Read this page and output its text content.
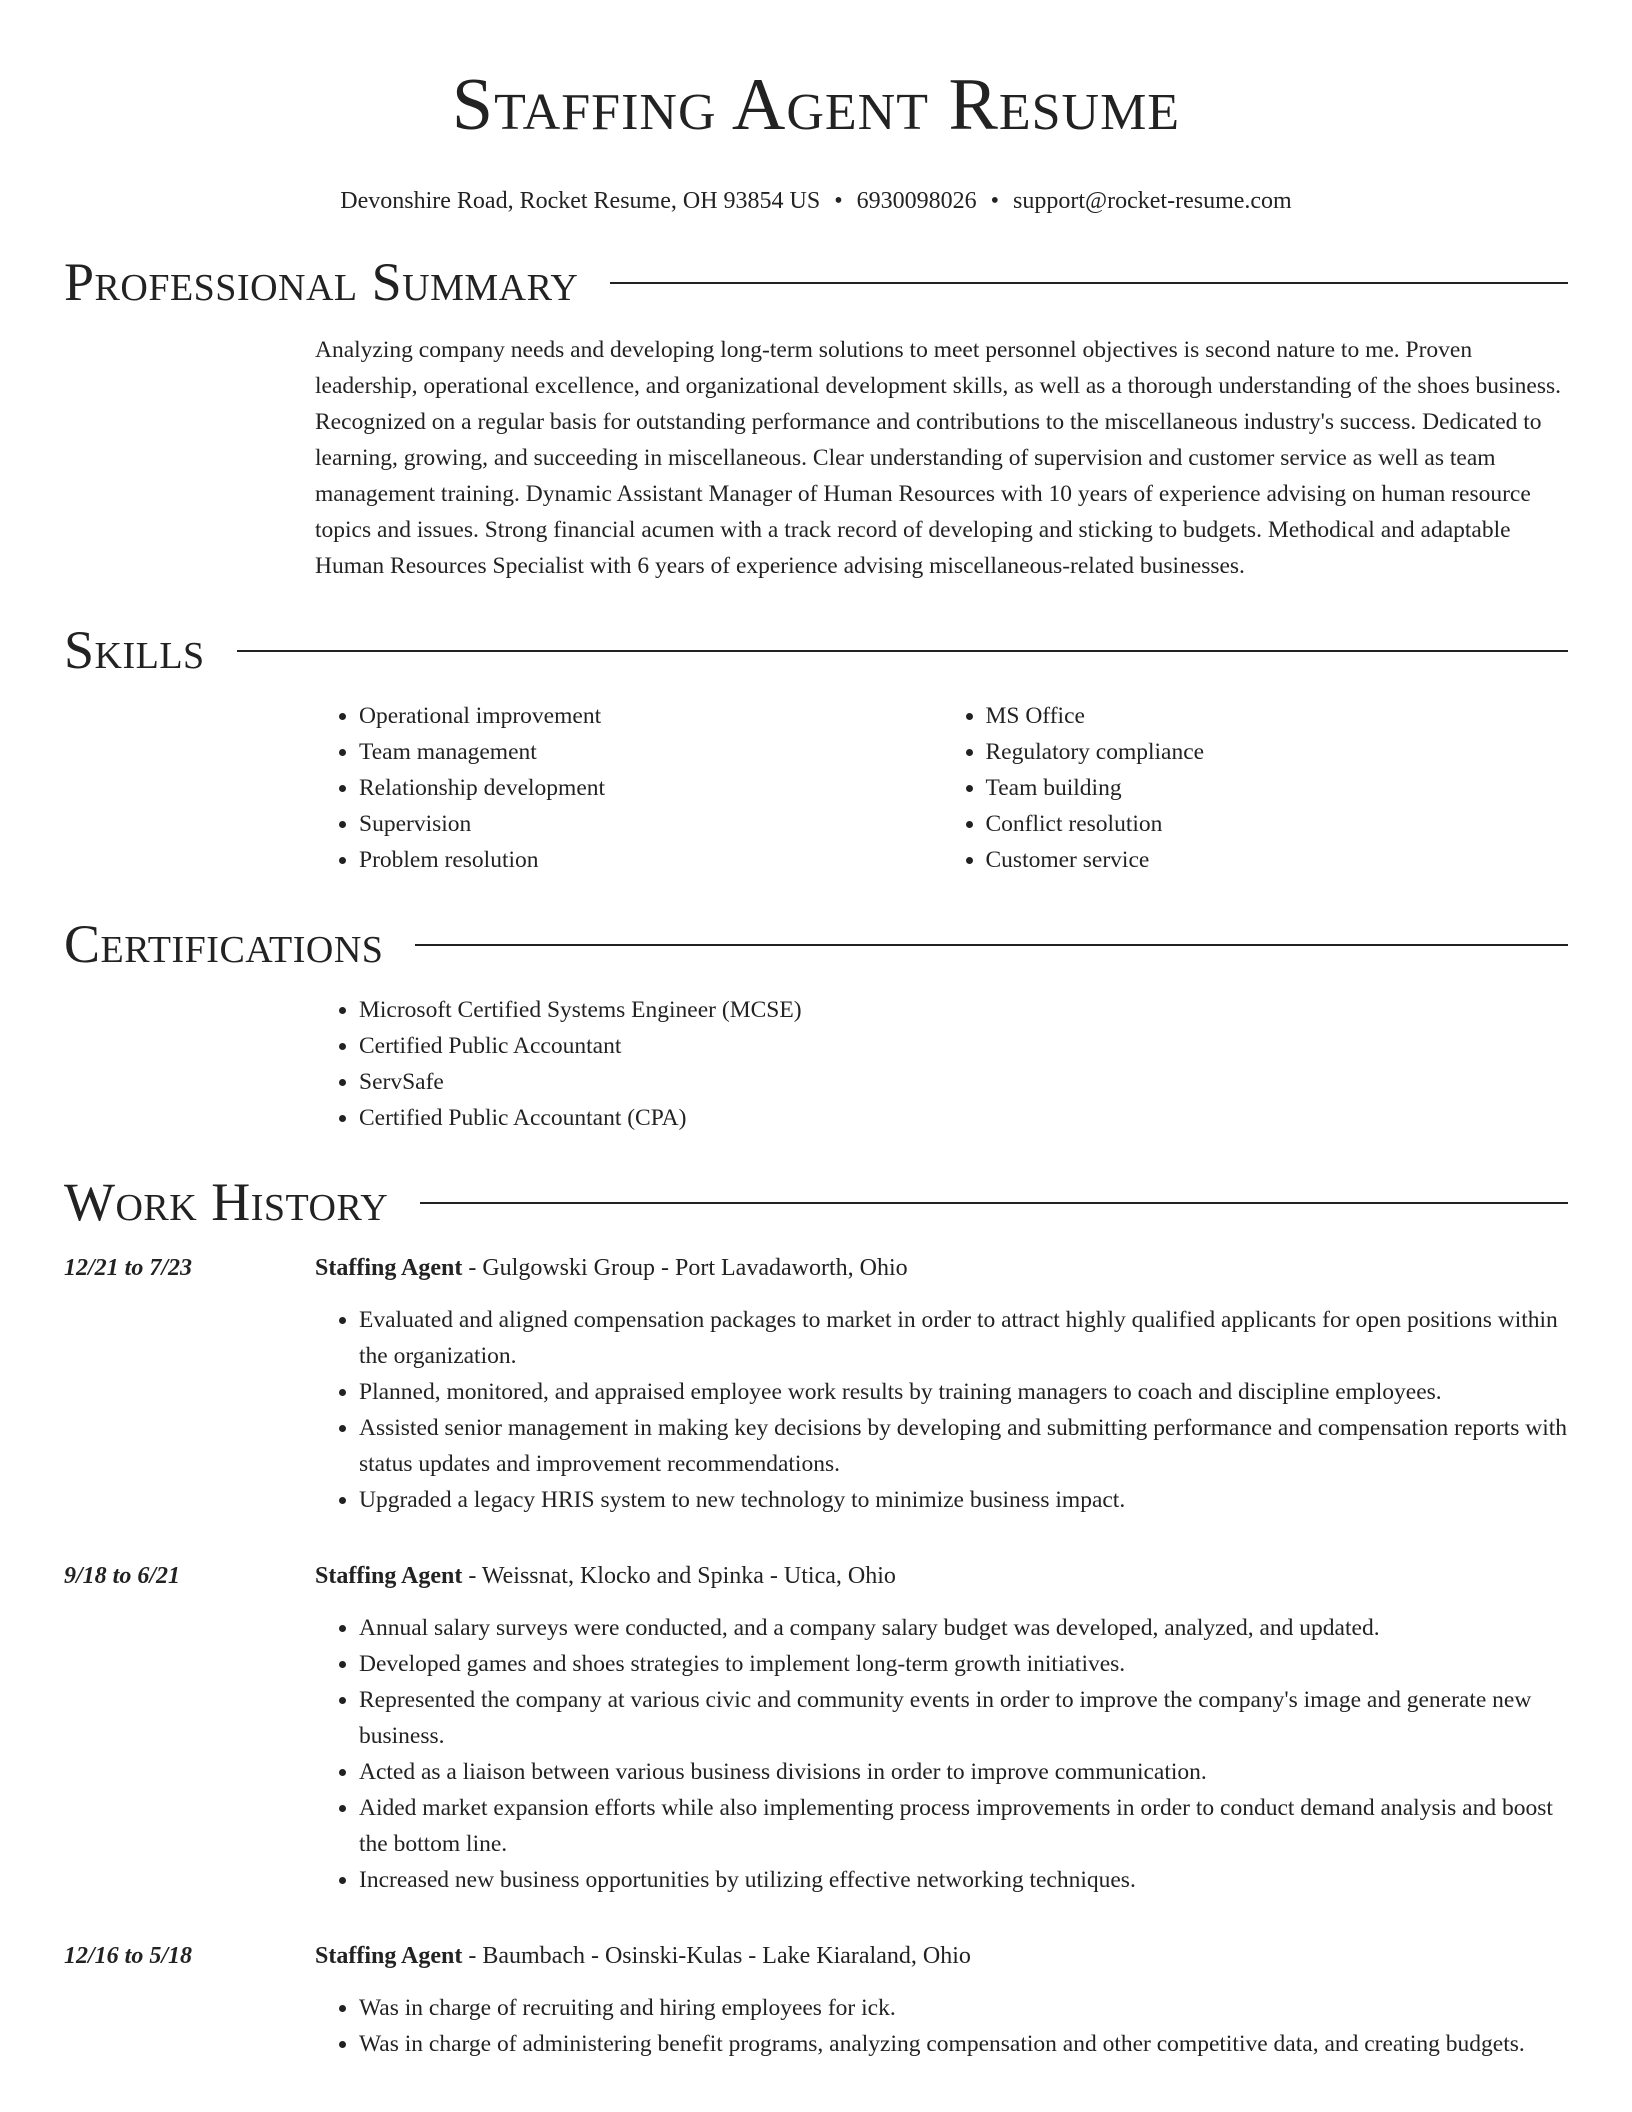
Staffing Agent Resume
Devonshire Road, Rocket Resume, OH 93854 US • 6930098026 • support@rocket-resume.com
Professional Summary
Analyzing company needs and developing long-term solutions to meet personnel objectives is second nature to me. Proven leadership, operational excellence, and organizational development skills, as well as a thorough understanding of the shoes business. Recognized on a regular basis for outstanding performance and contributions to the miscellaneous industry's success. Dedicated to learning, growing, and succeeding in miscellaneous. Clear understanding of supervision and customer service as well as team management training. Dynamic Assistant Manager of Human Resources with 10 years of experience advising on human resource topics and issues. Strong financial acumen with a track record of developing and sticking to budgets. Methodical and adaptable Human Resources Specialist with 6 years of experience advising miscellaneous-related businesses.
Skills
• Operational improvement
• Team management
• Relationship development
• Supervision
• Problem resolution
• MS Office
• Regulatory compliance
• Team building
• Conflict resolution
• Customer service
Certifications
• Microsoft Certified Systems Engineer (MCSE)
• Certified Public Accountant
• ServSafe
• Certified Public Accountant (CPA)
Work History
12/21 to 7/23	Staffing Agent - Gulgowski Group - Port Lavadaworth, Ohio
• Evaluated and aligned compensation packages to market in order to attract highly qualified applicants for open positions within the organization.
• Planned, monitored, and appraised employee work results by training managers to coach and discipline employees.
• Assisted senior management in making key decisions by developing and submitting performance and compensation reports with status updates and improvement recommendations.
• Upgraded a legacy HRIS system to new technology to minimize business impact.
9/18 to 6/21	Staffing Agent - Weissnat, Klocko and Spinka - Utica, Ohio
• Annual salary surveys were conducted, and a company salary budget was developed, analyzed, and updated.
• Developed games and shoes strategies to implement long-term growth initiatives.
• Represented the company at various civic and community events in order to improve the company's image and generate new business.
• Acted as a liaison between various business divisions in order to improve communication.
• Aided market expansion efforts while also implementing process improvements in order to conduct demand analysis and boost the bottom line.
• Increased new business opportunities by utilizing effective networking techniques.
12/16 to 5/18	Staffing Agent - Baumbach - Osinski-Kulas - Lake Kiaraland, Ohio
• Was in charge of recruiting and hiring employees for ick.
• Was in charge of administering benefit programs, analyzing compensation and other competitive data, and creating budgets.
